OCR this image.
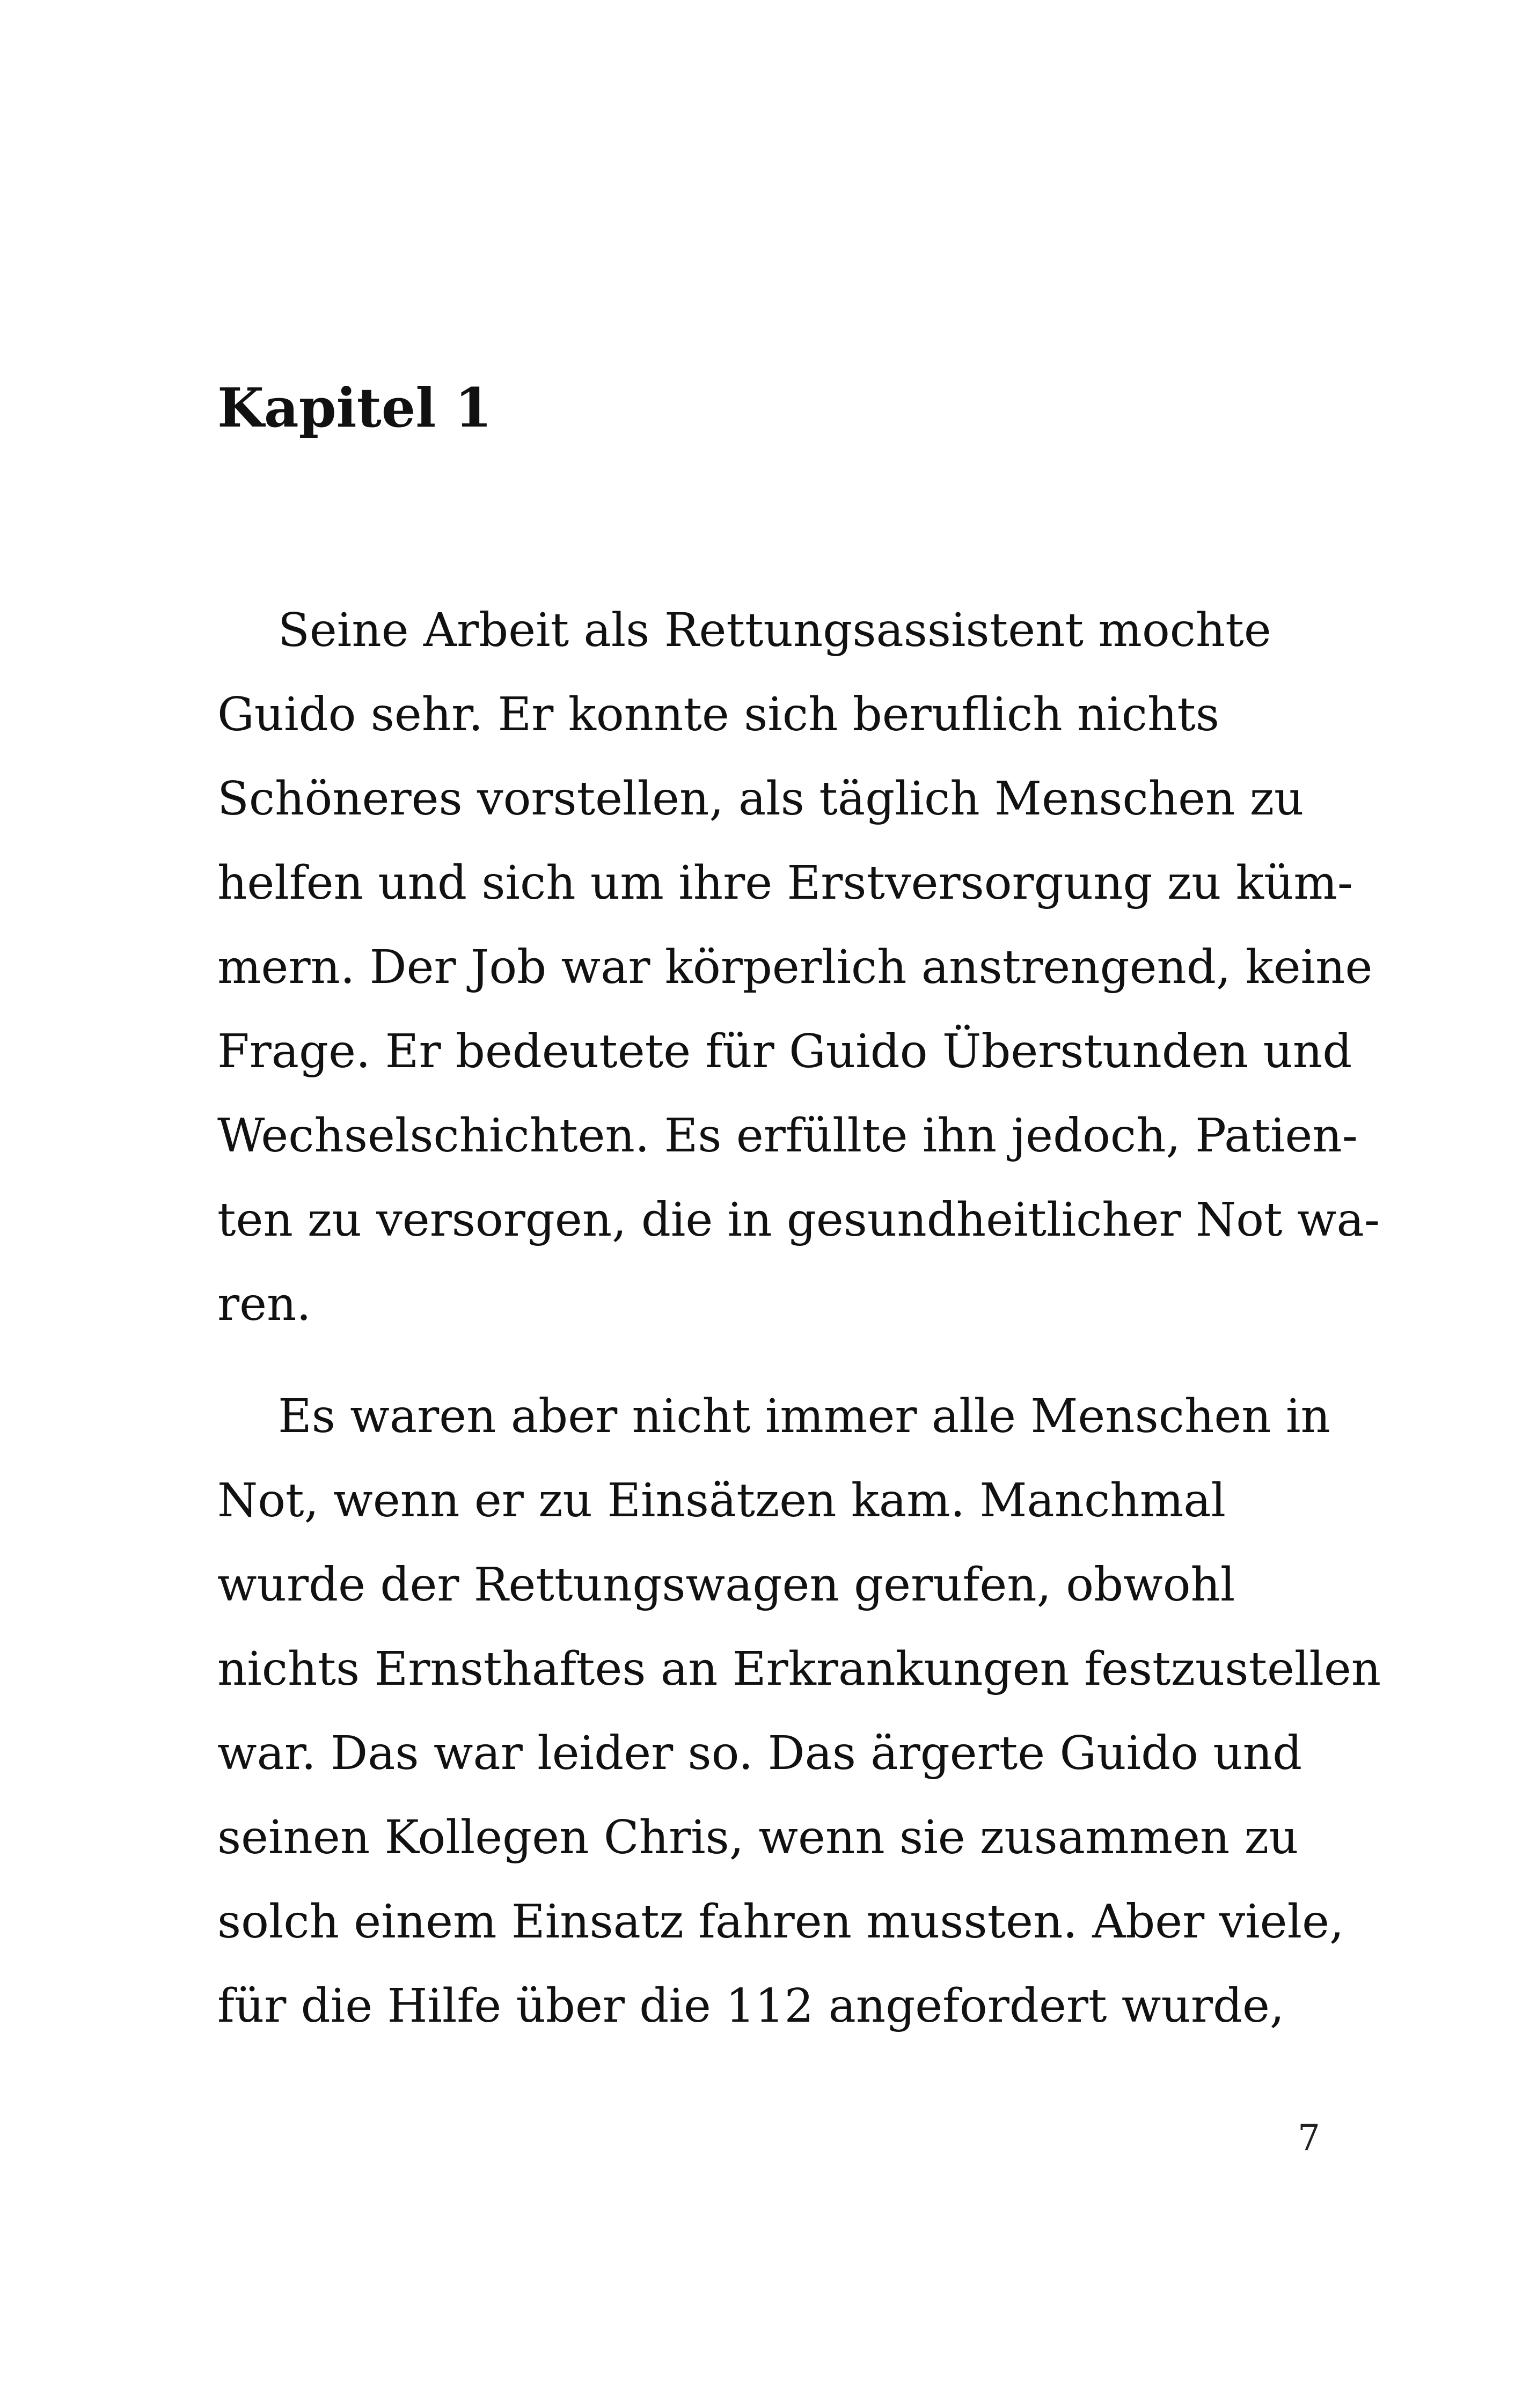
Kapitel 1

Seine Arbeit als Rettungsassistent mochte

Guido sehr. Er konnte sich beruflich nichts

Schöneres vorstellen, als täglich Menschen zu

helfen und sich um ihre Erstversorgung zu küm-

mern. Der Job war körperlich anstrengend, keine

Frage. Er bedeutete für Guido Überstunden und

Wechselschichten. Es erfüllte ihn jedoch, Patien-

ten zu versorgen, die in gesundheitlicher Not wa-

ren.

Es waren aber nicht immer alle Menschen in

Not, wenn er zu Einsätzen kam. Manchmal

wurde der Rettungswagen gerufen, obwohl

nichts Ernsthaftes an Erkrankungen festzustellen

war. Das war leider so. Das ärgerte Guido und

seinen Kollegen Chris, wenn sie zusammen zu

solch einem Einsatz fahren mussten. Aber viele,

für die Hilfe über die 112 angefordert wurde,

7
